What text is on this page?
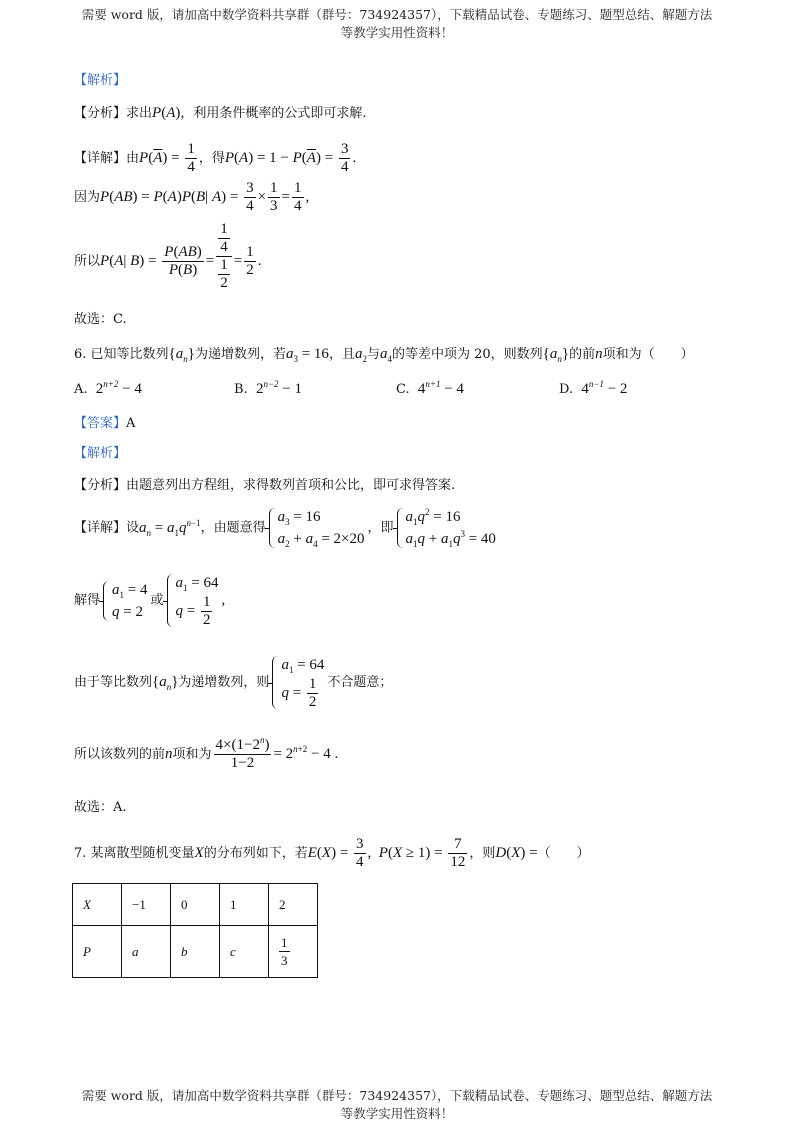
需要 word 版，请加高中数学资料共享群（群号：734924357），下载精品试卷、专题练习、题型总结、解题方法
等教学实用性资料！
【解析】
【分析】求出P(A)，利用条件概率的公式即可求解.
【详解】由$P(\overline{A}) = \frac{1}{4}$ ，得$P(A) = 1 - P(\overline{A}) = \frac{3}{4}$ .
因为P(AB) = P(A)P(B| $A) = \frac{3}{4} \times \frac{1}{3} = \frac{1}{4}$ ,
所以P(A| $B) = \frac{P(AB)}{P(B)} = \frac{\frac{1}{4}}{\frac{1}{2}} = \frac{1}{2}$ .
故选：C.
6. 已知等比数列$\{a_n\}$为递增数列，若$a_3 = 16$，且$a_2$与$a_4$的等差中项为 20，则数列$\{a_n\}$的前n项和为（　　）
A. $2^{n+2} - 4$	B. $2^{n-2} - 1$	C. $4^{n+1} - 4$	D. $4^{n-1} - 2$
【答案】A
【解析】
【分析】由题意列出方程组，求得数列首项和公比，即可求得答案.
【详解】设$a_n = a_1q^{n-1}$，由题意得
$a_3 = 16$
$a_2 + a_4 = 2\times 20$
，即
$a_1q^2 = 16$
$a_1q + a_1q^3 = 40$
解得
$a_1 = 4$
q = 2
或
$a_1 = 64$
$q = \frac{1}{2}$ ,
由于等比数列$\{a_n\}$为递增数列，则
$a_1 = 64$
$q = \frac{1}{2}$ 不合题意；
所以该数列的前n项和为 $\frac{4\times(1-2^n)}{1-2} = 2^{n+2} - 4$ .
故选：A.
7. 某离散型随机变量X的分布列如下，若$E(X) = \frac{3}{4}$ ,  $P(X \ge 1) = \frac{7}{12}$ ，则D(X) =（　　）
X	−1	0	1	2
P	a	b	c	$\frac{1}{3}$
需要 word 版，请加高中数学资料共享群（群号：734924357），下载精品试卷、专题练习、题型总结、解题方法
等教学实用性资料！
